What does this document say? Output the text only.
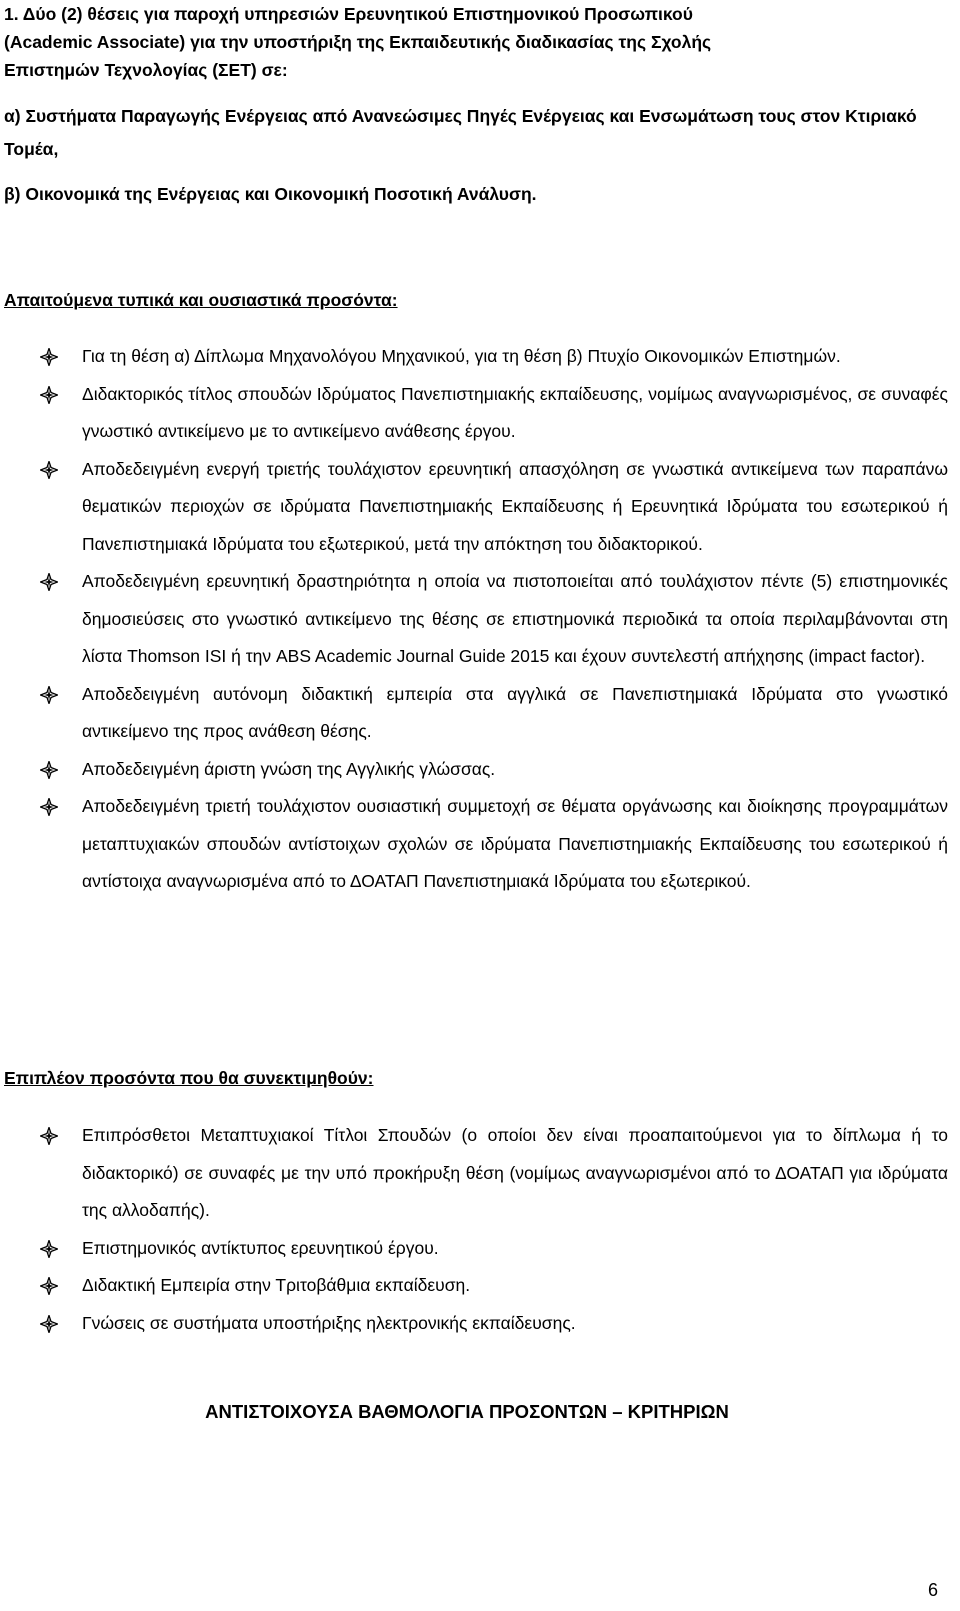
1. Δύο (2) θέσεις για παροχή υπηρεσιών Ερευνητικού Επιστημονικού Προσωπικού
(Academic Associate) για την υποστήριξη της Εκπαιδευτικής διαδικασίας της Σχολής
Επιστημών Τεχνολογίας (ΣΕΤ) σε:
α) Συστήματα Παραγωγής Ενέργειας από Ανανεώσιμες Πηγές Ενέργειας και Ενσωμάτωση τους στον Κτιριακό Τομέα,
β) Οικονομικά της Ενέργειας και Οικονομική Ποσοτική Ανάλυση.
Απαιτούμενα τυπικά και ουσιαστικά προσόντα:
Για τη θέση α) Δίπλωμα Μηχανολόγου Μηχανικού, για τη θέση β) Πτυχίο Οικονομικών Επιστημών.
Διδακτορικός τίτλος σπουδών Ιδρύματος Πανεπιστημιακής εκπαίδευσης, νομίμως αναγνωρισμένος, σε συναφές γνωστικό αντικείμενο με το αντικείμενο ανάθεσης έργου.
Αποδεδειγμένη ενεργή τριετής τουλάχιστον ερευνητική απασχόληση σε γνωστικά αντικείμενα των παραπάνω θεματικών περιοχών σε ιδρύματα Πανεπιστημιακής Εκπαίδευσης ή Ερευνητικά Ιδρύματα του εσωτερικού ή Πανεπιστημιακά Ιδρύματα του εξωτερικού, μετά την απόκτηση του διδακτορικού.
Αποδεδειγμένη ερευνητική δραστηριότητα η οποία να πιστοποιείται από τουλάχιστον πέντε (5) επιστημονικές δημοσιεύσεις στο γνωστικό αντικείμενο της θέσης σε επιστημονικά περιοδικά τα οποία περιλαμβάνονται στη λίστα Thomson ISI ή την ABS Academic Journal Guide 2015 και έχουν συντελεστή απήχησης (impact factor).
Αποδεδειγμένη αυτόνομη διδακτική εμπειρία στα αγγλικά σε Πανεπιστημιακά Ιδρύματα στο γνωστικό αντικείμενο της προς ανάθεση θέσης.
Αποδεδειγμένη άριστη γνώση της Αγγλικής γλώσσας.
Αποδεδειγμένη τριετή τουλάχιστον ουσιαστική συμμετοχή σε θέματα οργάνωσης και διοίκησης προγραμμάτων μεταπτυχιακών σπουδών αντίστοιχων σχολών σε ιδρύματα Πανεπιστημιακής Εκπαίδευσης του εσωτερικού ή αντίστοιχα αναγνωρισμένα από το ΔΟΑΤΑΠ Πανεπιστημιακά Ιδρύματα του εξωτερικού.
Επιπλέον προσόντα που θα συνεκτιμηθούν:
Επιπρόσθετοι Μεταπτυχιακοί Τίτλοι Σπουδών (ο οποίοι δεν είναι προαπαιτούμενοι για το δίπλωμα ή το διδακτορικό) σε συναφές με την υπό προκήρυξη θέση (νομίμως αναγνωρισμένοι από το ΔΟΑΤΑΠ για ιδρύματα της αλλοδαπής).
Επιστημονικός αντίκτυπος ερευνητικού έργου.
Διδακτική Εμπειρία στην Τριτοβάθμια εκπαίδευση.
Γνώσεις σε συστήματα υποστήριξης ηλεκτρονικής εκπαίδευσης.
ΑΝΤΙΣΤΟΙΧΟΥΣΑ ΒΑΘΜΟΛΟΓΙΑ ΠΡΟΣΟΝΤΩΝ – ΚΡΙΤΗΡΙΩΝ
6
